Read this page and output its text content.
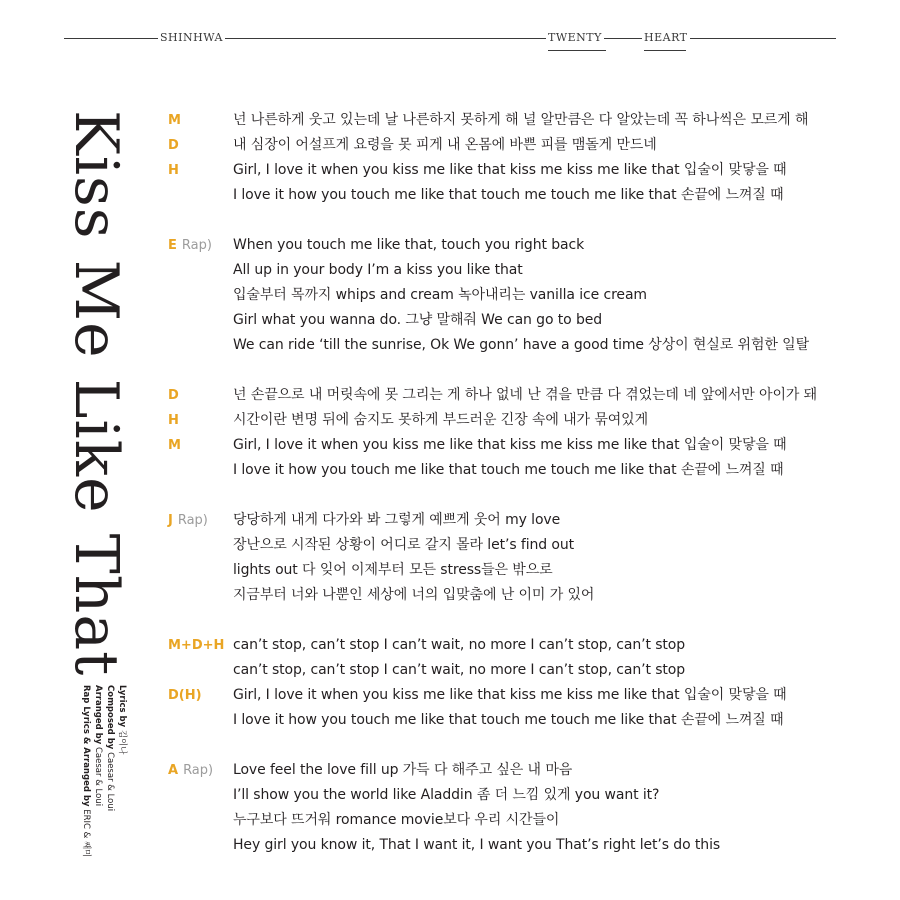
SHINHWA	TWENTY	HEART
Kiss Me Like That
Lyrics by 김이나
Composed by Caesar & Loui
Arranged by Caesar & Loui
Rap Lyrics & Arranged by ERIC & 쌔미
M	넌 나른하게 웃고 있는데 날 나른하지 못하게 해 널 알만큼은 다 알았는데 꼭 하나씩은 모르게 해
D	내 심장이 어설프게 요령을 못 피게 내 온몸에 바쁜 피를 맴돌게 만드네
H	Girl, I love it when you kiss me like that kiss me kiss me like that 입술이 맞닿을 때
I love it how you touch me like that touch me touch me like that 손끝에 느껴질 때
E Rap) When you touch me like that, touch you right back
All up in your body I’m a kiss you like that
입술부터 목까지 whips and cream 녹아내리는 vanilla ice cream
Girl what you wanna do. 그냥 말해줘 We can go to bed
We can ride ‘till the sunrise, Ok We gonn’ have a good time 상상이 현실로 위험한 일탈
D	넌 손끝으로 내 머릿속에 못 그리는 게 하나 없네 난 겪을 만큼 다 겪었는데 네 앞에서만 아이가 돼
H	시간이란 변명 뒤에 숨지도 못하게 부드러운 긴장 속에 내가 묶여있게
M	Girl, I love it when you kiss me like that kiss me kiss me like that 입술이 맞닿을 때
I love it how you touch me like that touch me touch me like that 손끝에 느껴질 때
J Rap) 당당하게 내게 다가와 봐 그렇게 예쁘게 웃어 my love
장난으로 시작된 상황이 어디로 갈지 몰라 let’s find out
lights out 다 잊어 이제부터 모든 stress들은 밖으로
지금부터 너와 나뿐인 세상에 너의 입맞춤에 난 이미 가 있어
M+D+H can’t stop, can’t stop I can’t wait, no more I can’t stop, can’t stop
can’t stop, can’t stop I can’t wait, no more I can’t stop, can’t stop
D(H) Girl, I love it when you kiss me like that kiss me kiss me like that 입술이 맞닿을 때
I love it how you touch me like that touch me touch me like that 손끝에 느껴질 때
A Rap) Love feel the love fill up 가득 다 해주고 싶은 내 마음
I’ll show you the world like Aladdin 좀 더 느낌 있게 you want it?
누구보다 뜨거워 romance movie보다 우리 시간들이
Hey girl you know it, That I want it, I want you That’s right let’s do this
